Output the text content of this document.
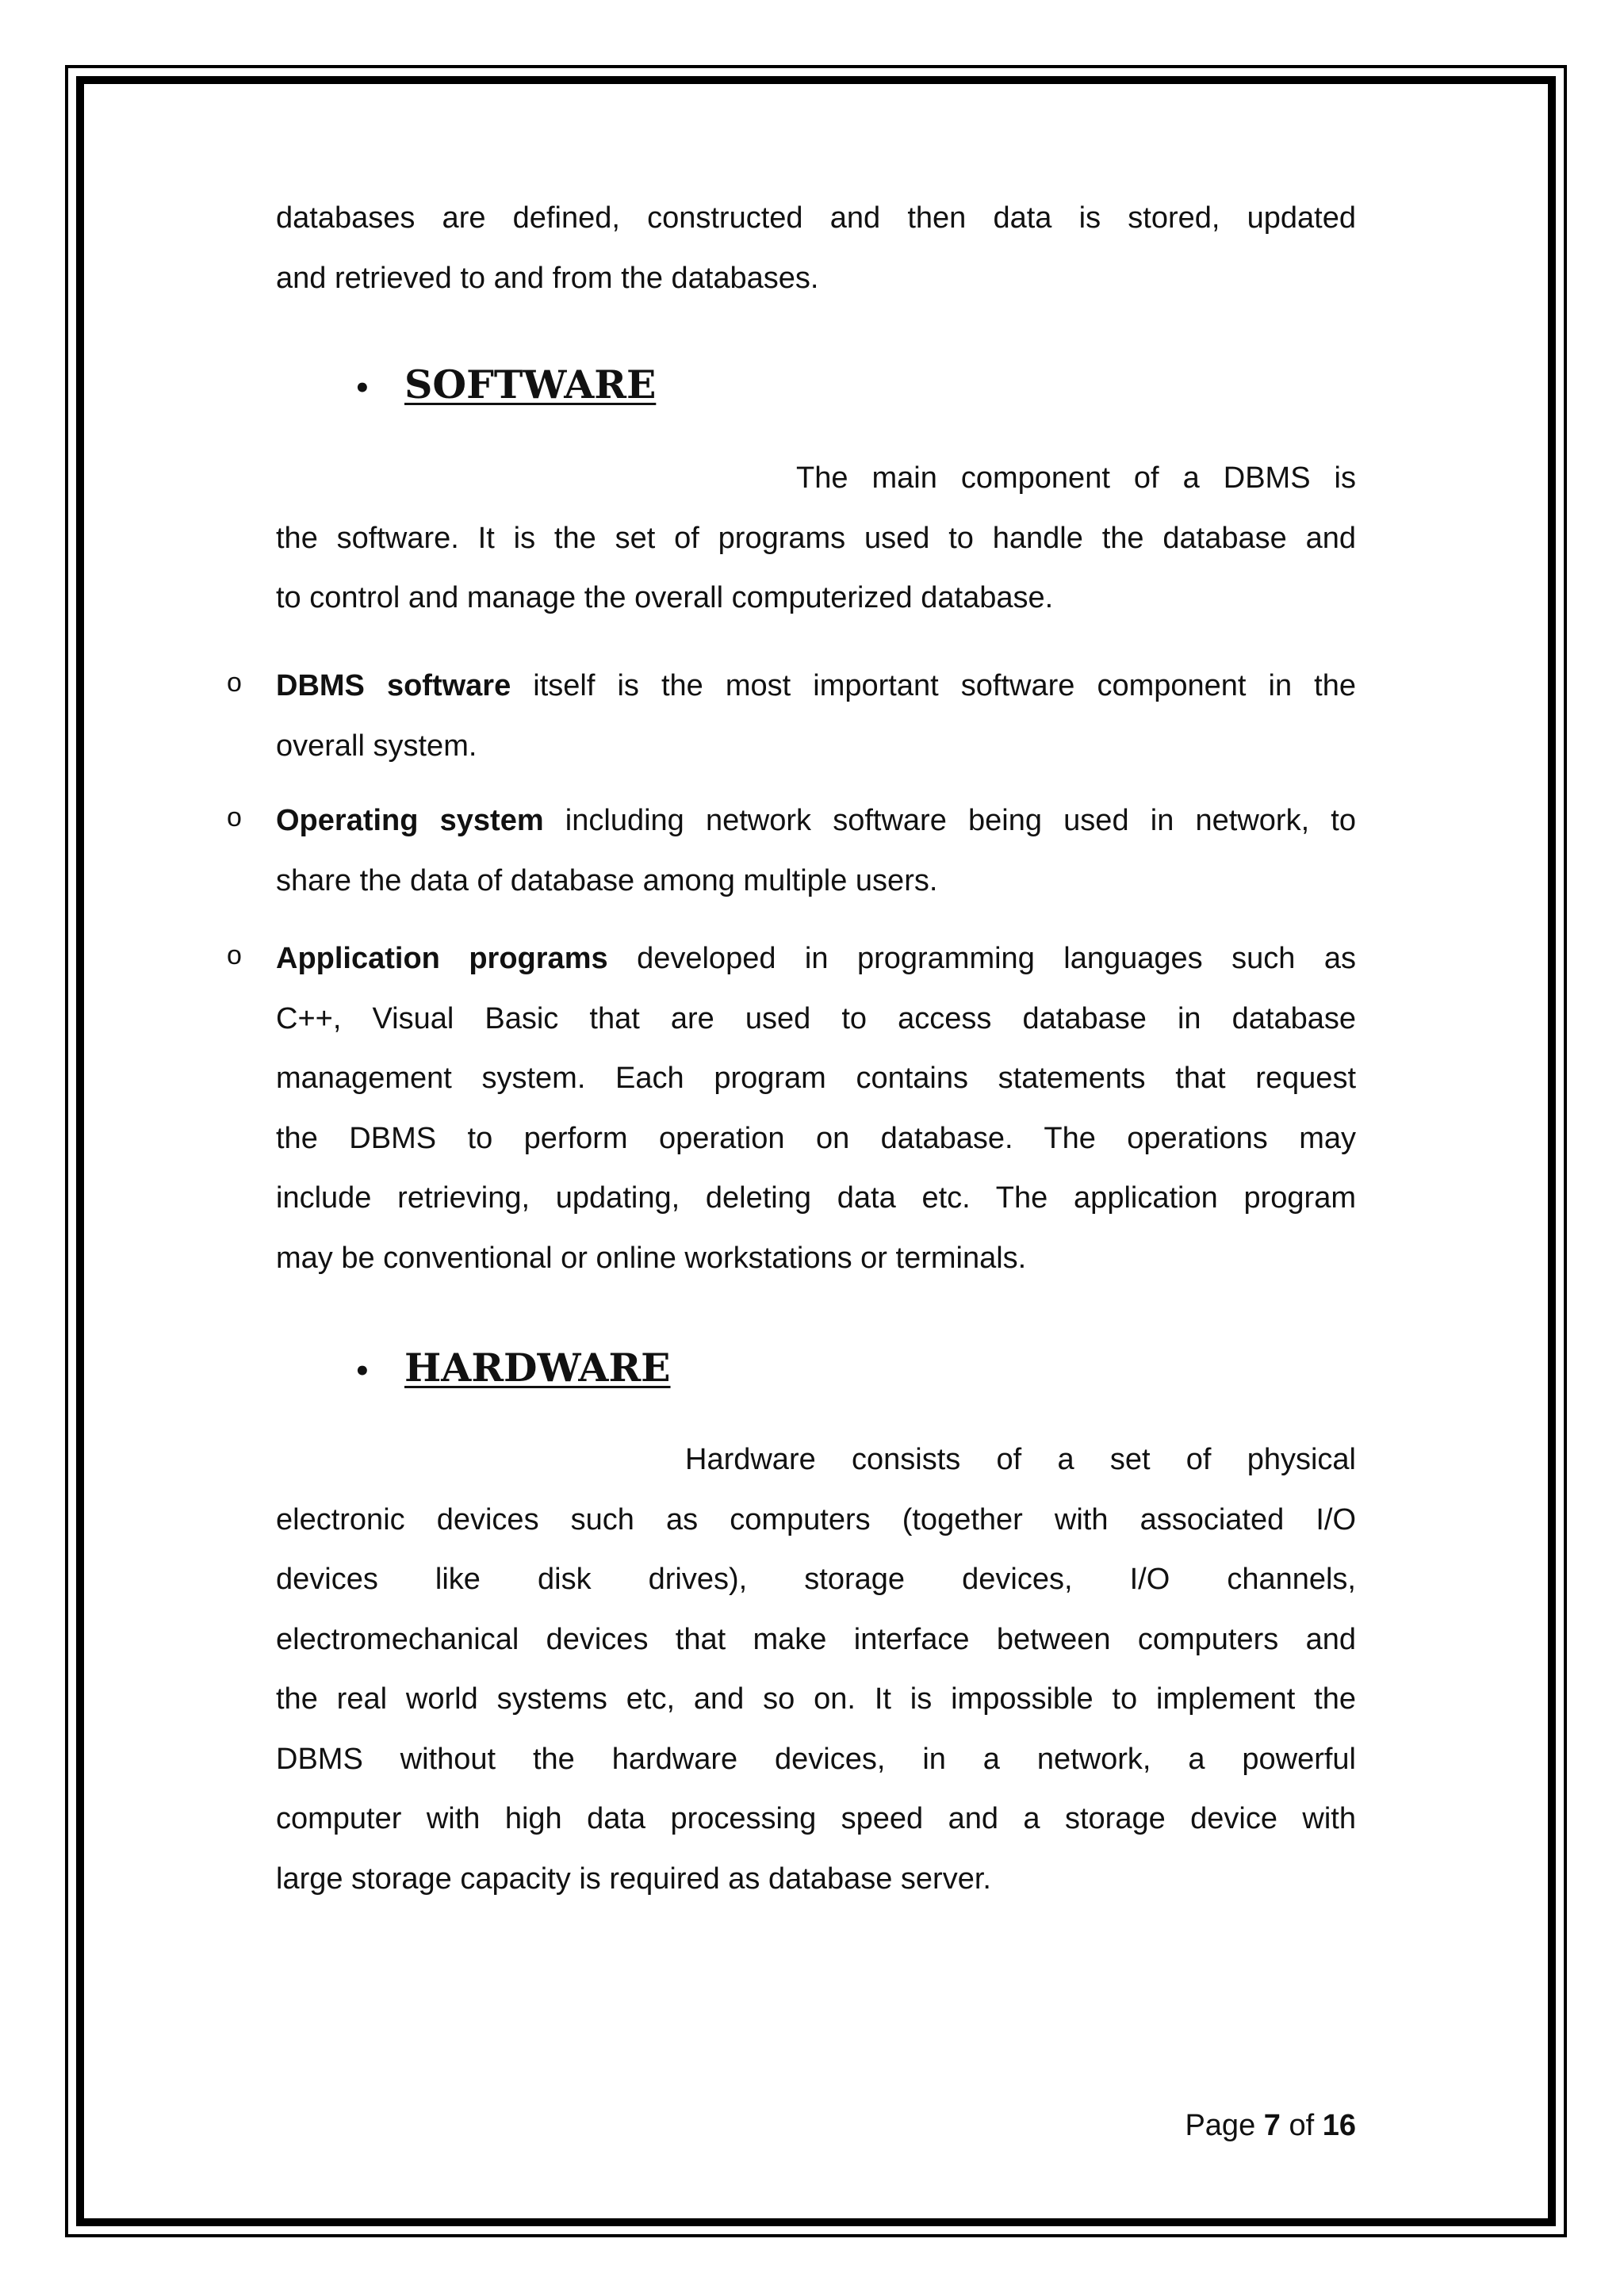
databases are defined, constructed and then data is stored, updated
and retrieved to and from the databases.
• SOFTWARE
The main component of a DBMS is
the software. It is the set of programs used to handle the database and
to control and manage the overall computerized database.
o DBMS software itself is the most important software component in the
overall system.
o Operating system including network software being used in network, to
share the data of database among multiple users.
o Application programs developed in programming languages such as
C++, Visual Basic that are used to access database in database
management system. Each program contains statements that request
the DBMS to perform operation on database. The operations may
include retrieving, updating, deleting data etc. The application program
may be conventional or online workstations or terminals.
• HARDWARE
Hardware consists of a set of physical
electronic devices such as computers (together with associated I/O
devices like disk drives), storage devices, I/O channels,
electromechanical devices that make interface between computers and
the real world systems etc, and so on. It is impossible to implement the
DBMS without the hardware devices, in a network, a powerful
computer with high data processing speed and a storage device with
large storage capacity is required as database server.
Page 7 of 16
